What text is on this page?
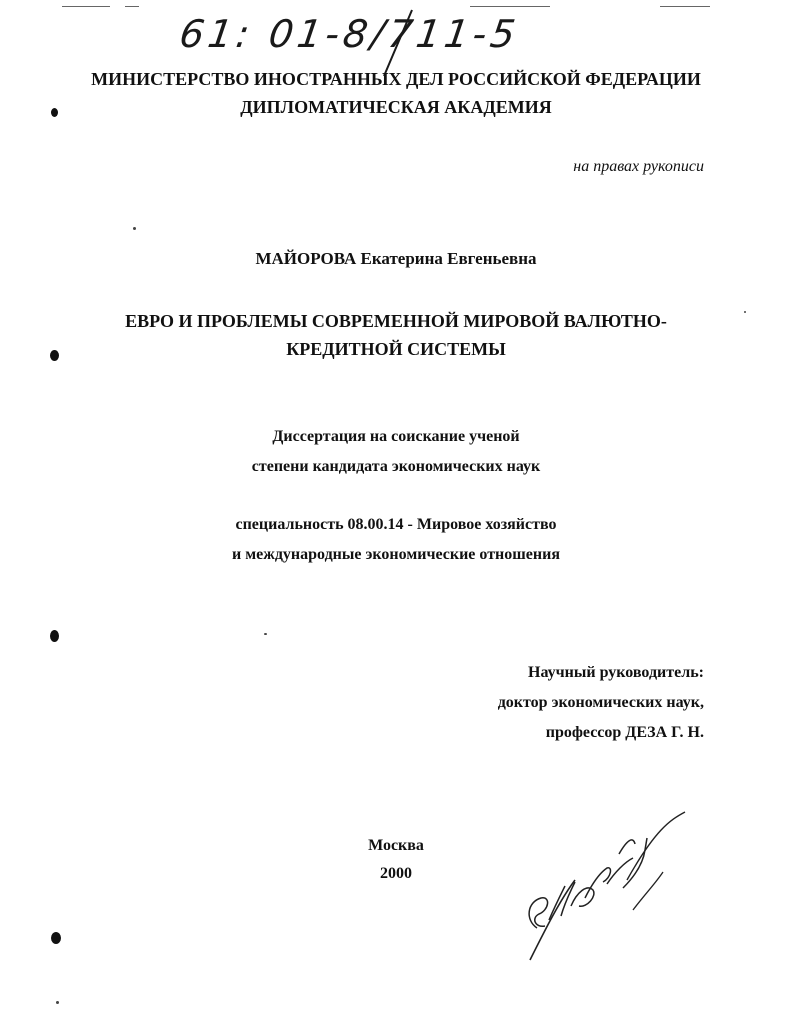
61: 01-8/711-5
МИНИСТЕРСТВО ИНОСТРАННЫХ ДЕЛ РОССИЙСКОЙ ФЕДЕРАЦИИ
ДИПЛОМАТИЧЕСКАЯ АКАДЕМИЯ
на правах рукописи
МАЙОРОВА Екатерина Евгеньевна
ЕВРО И ПРОБЛЕМЫ СОВРЕМЕННОЙ МИРОВОЙ ВАЛЮТНО-
КРЕДИТНОЙ СИСТЕМЫ
Диссертация на соискание ученой
степени кандидата экономических наук
специальность 08.00.14 - Мировое хозяйство
и международные экономические отношения
Научный руководитель:
доктор экономических наук,
профессор ДЕЗА Г. Н.
Москва
2000
